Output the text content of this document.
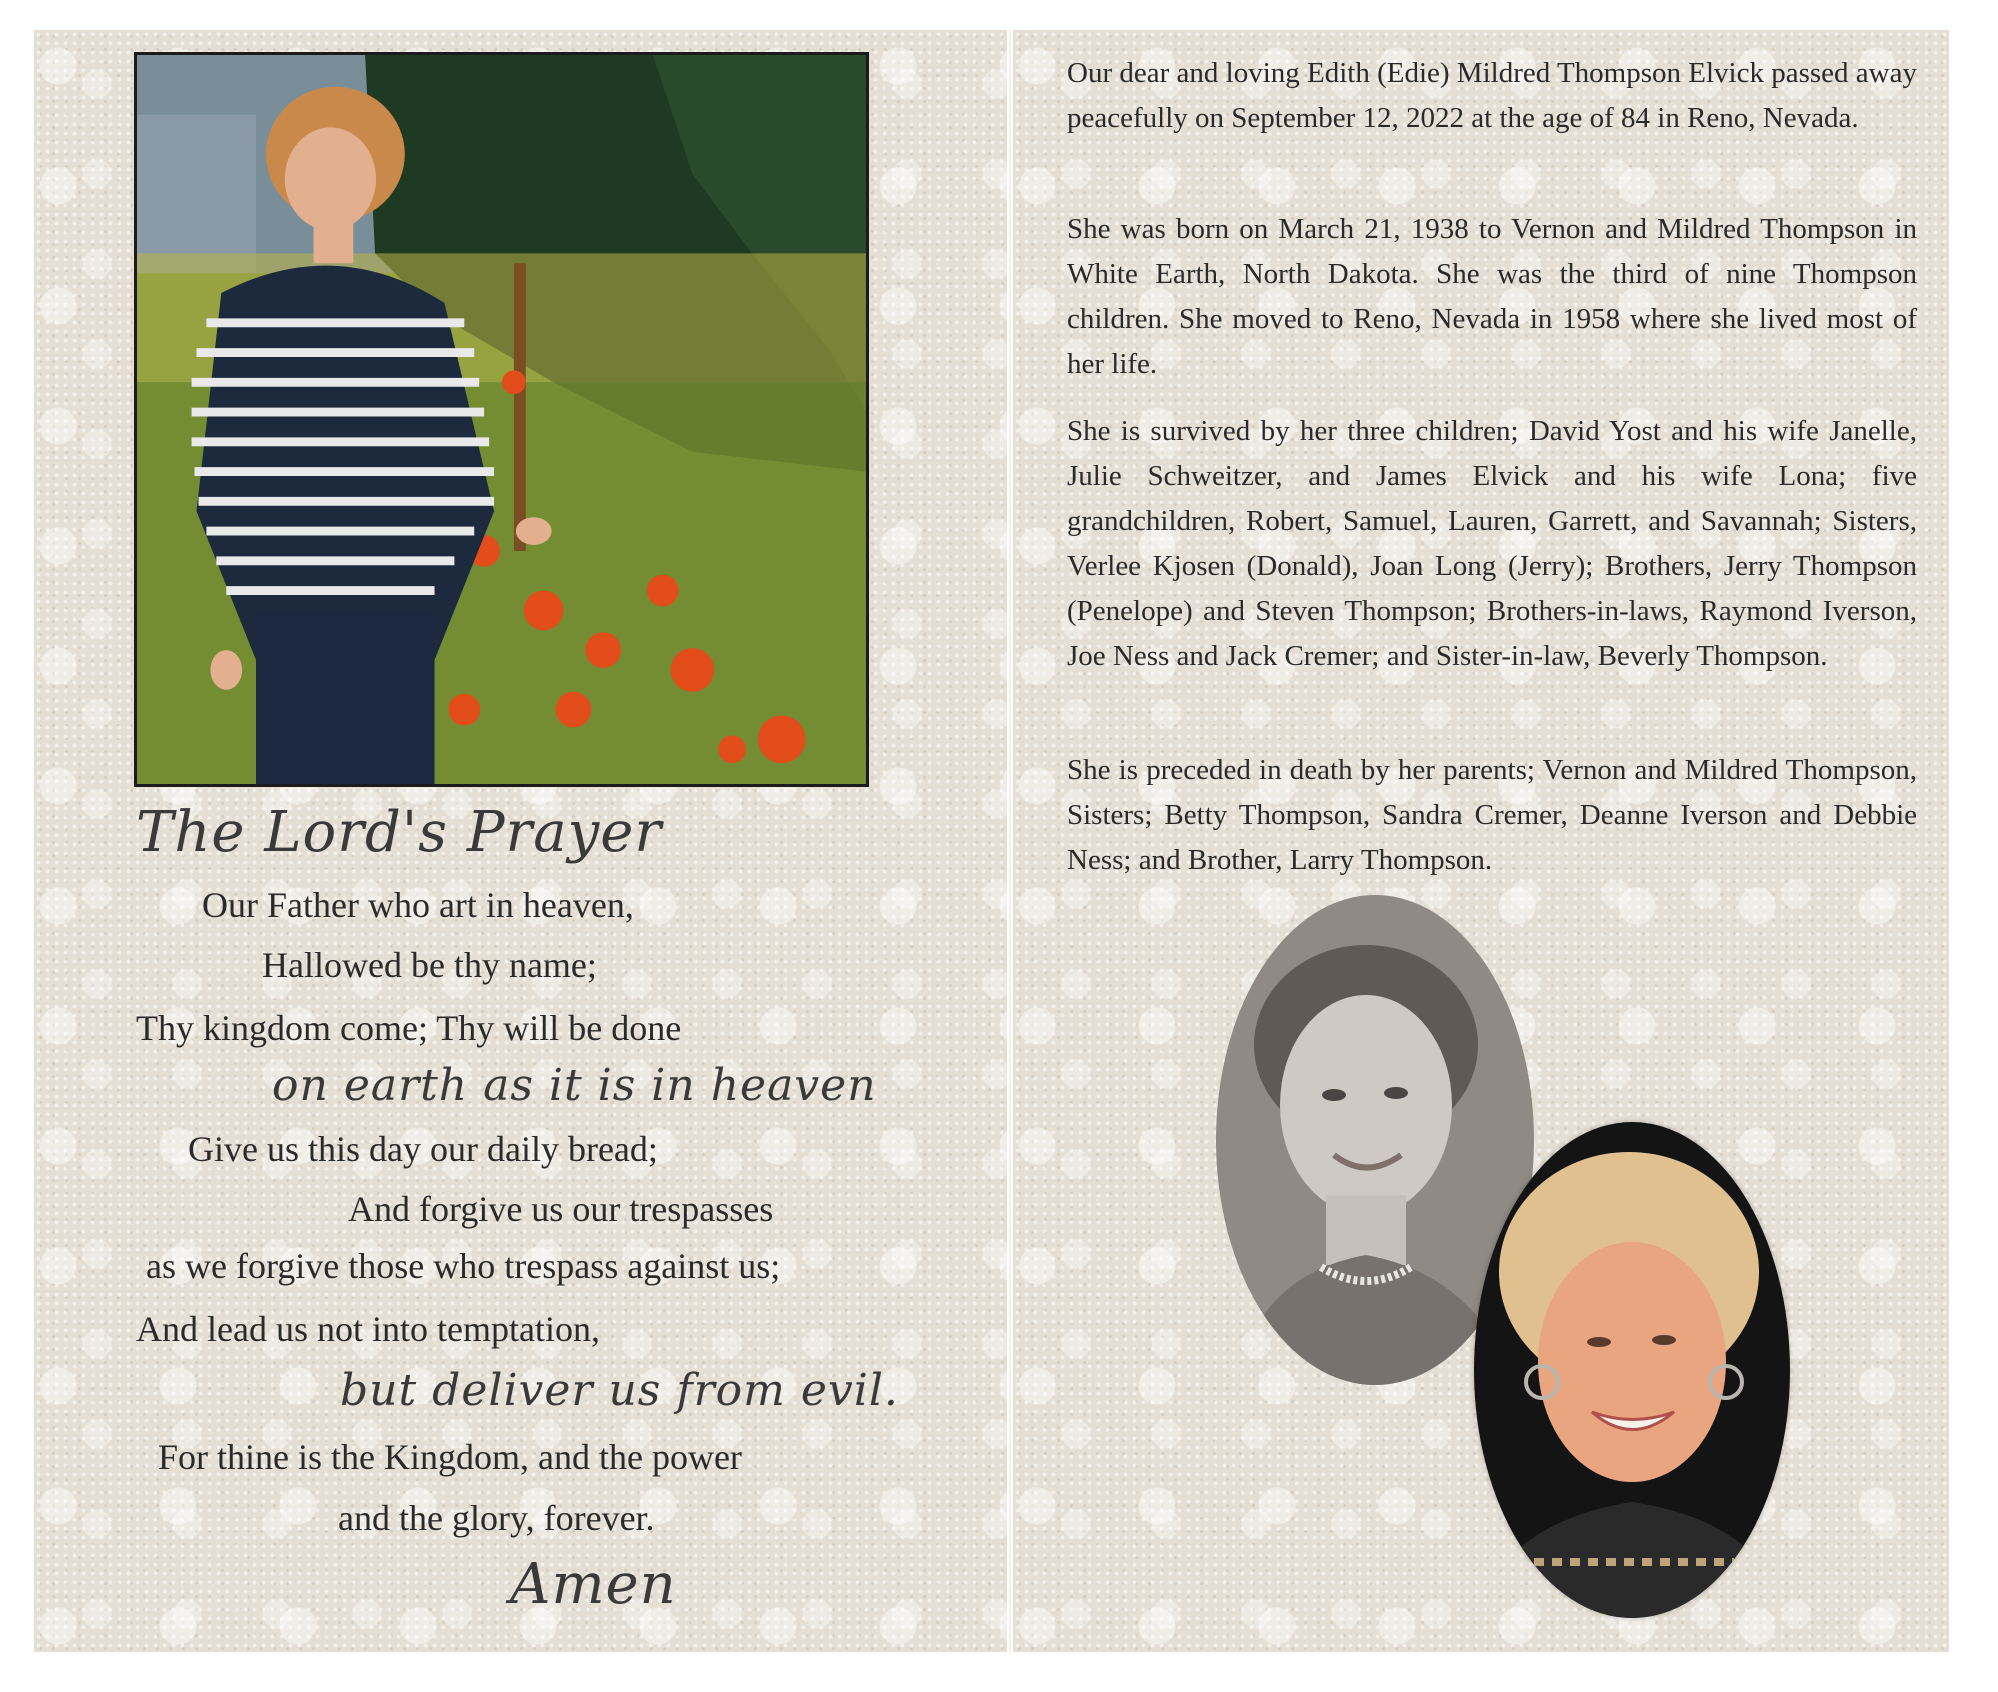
The Lord's Prayer

Our Father who art in heaven,

Hallowed be thy name;

Thy kingdom come; Thy will be done

on earth as it is in heaven

Give us this day our daily bread;

And forgive us our trespasses

as we forgive those who trespass against us;

And lead us not into temptation,

but deliver us from evil.

For thine is the Kingdom, and the power

and the glory, forever.

Amen

Our dear and loving Edith (Edie) Mildred Thompson Elvick passed away peacefully on September 12, 2022 at the age of 84 in Reno, Nevada.

She was born on March 21, 1938 to Vernon and Mildred Thompson in White Earth, North Dakota. She was the third of nine Thompson children. She moved to Reno, Nevada in 1958 where she lived most of her life.

She is survived by her three children; David Yost and his wife Janelle, Julie Schweitzer, and James Elvick and his wife Lona; five grandchildren, Robert, Samuel, Lauren, Garrett, and Savannah; Sisters, Verlee Kjosen (Donald), Joan Long (Jerry); Brothers, Jerry Thompson (Penelope) and Steven Thompson; Brothers-in-laws, Raymond Iverson, Joe Ness and Jack Cremer; and Sister-in-law, Beverly Thompson.

She is preceded in death by her parents; Vernon and Mildred Thompson, Sisters; Betty Thompson, Sandra Cremer, Deanne Iverson and Debbie Ness; and Brother, Larry Thompson.
